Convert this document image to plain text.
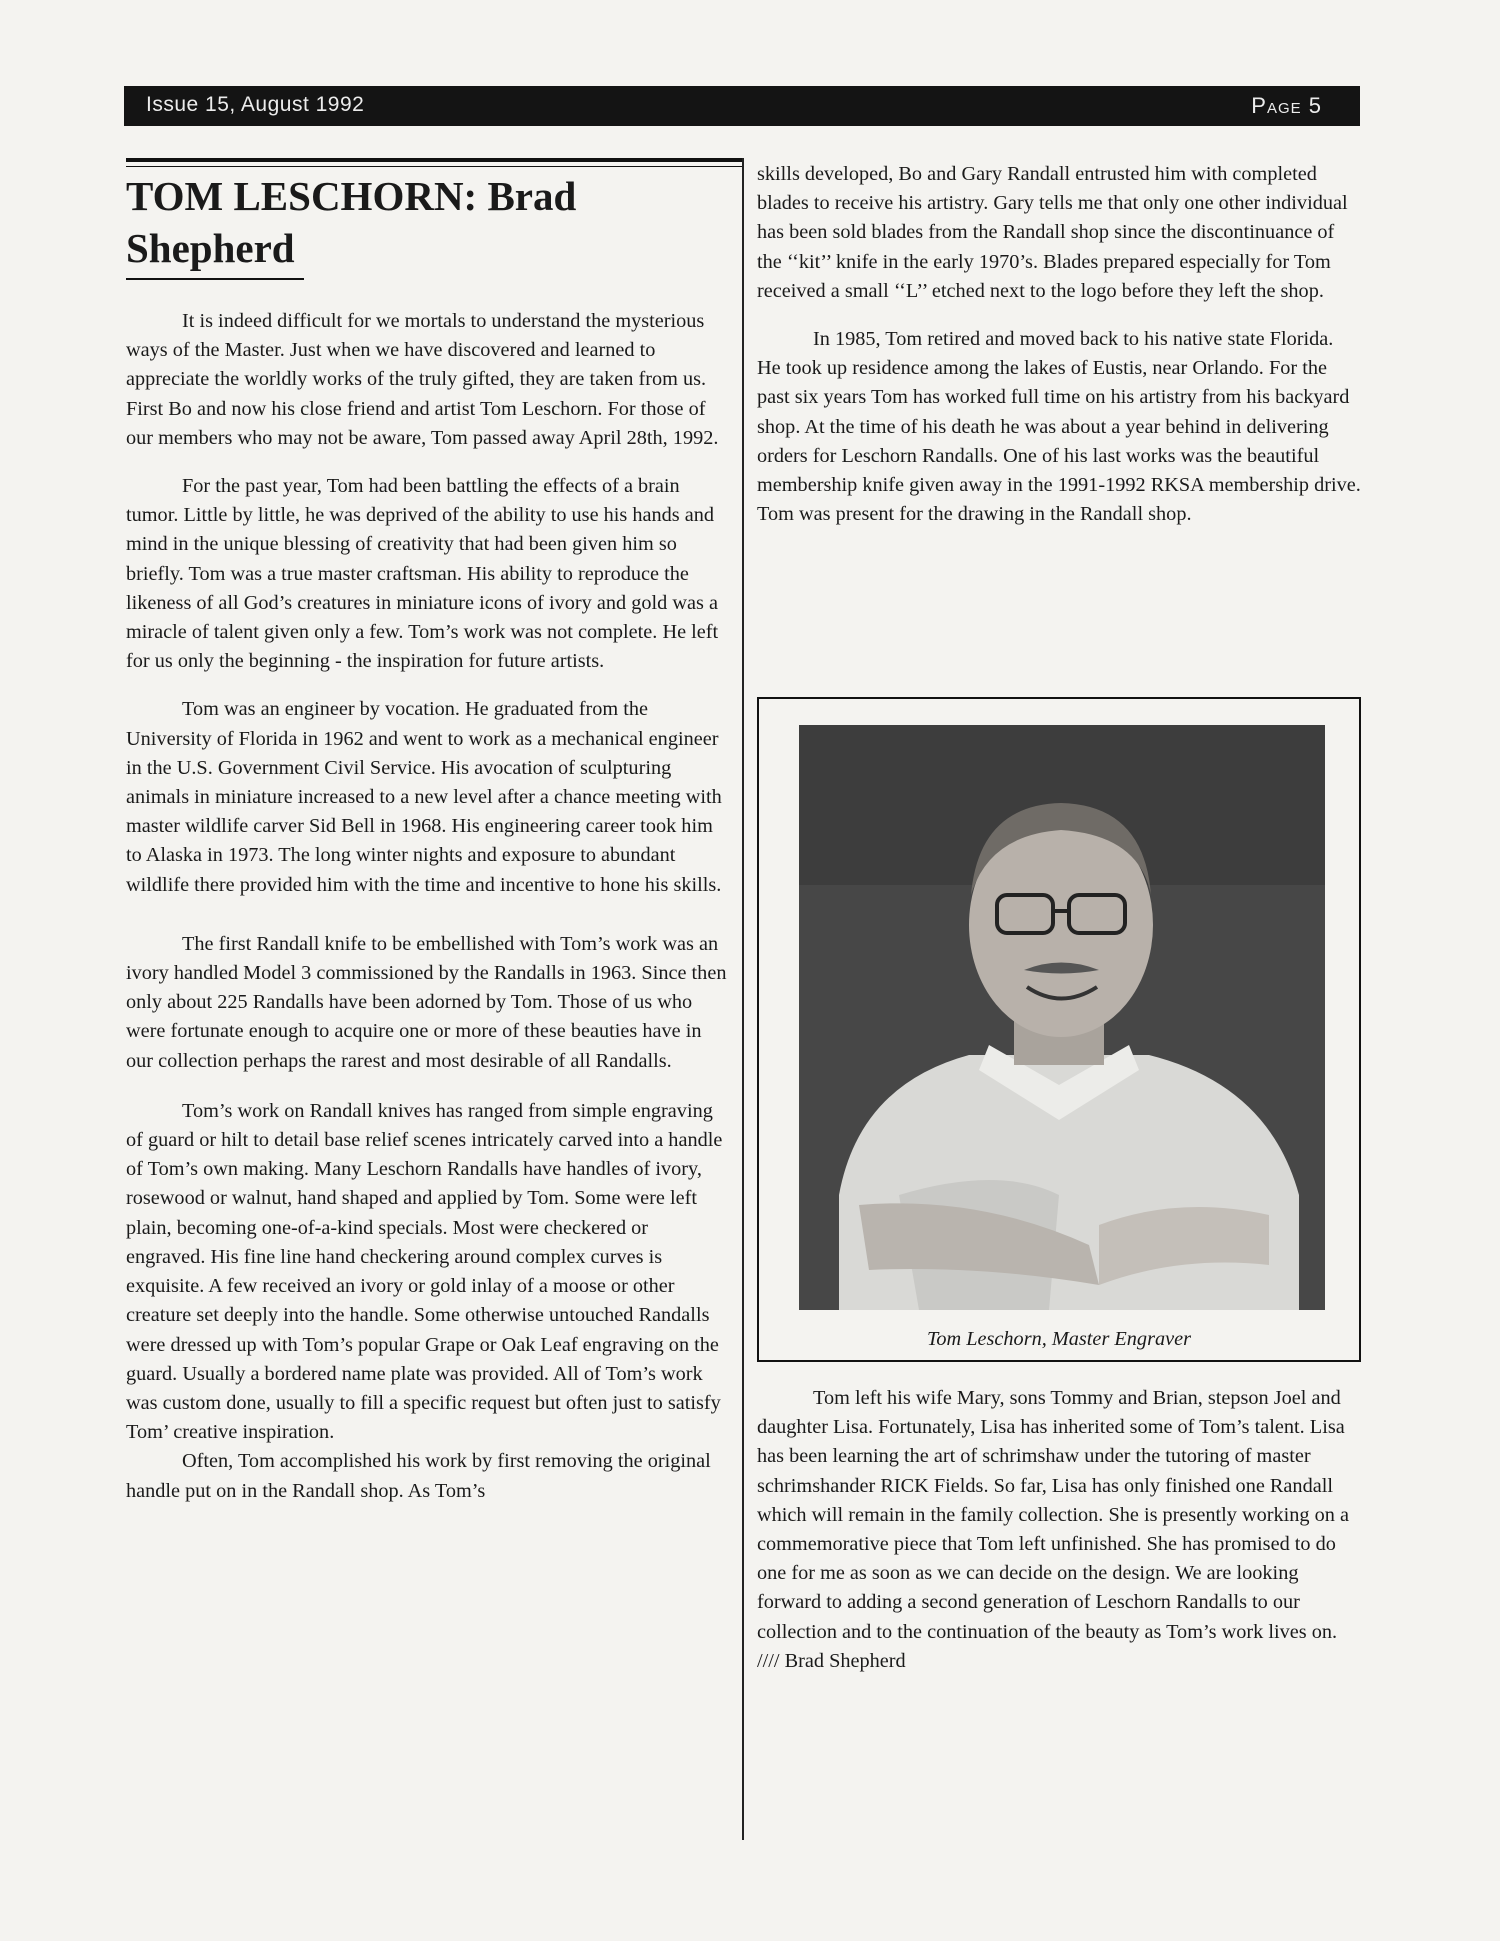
Issue 15, August 1992	Page 5
TOM LESCHORN: Brad
Shepherd

It is indeed difficult for we mortals to understand the mysterious ways of the Master. Just when we have discovered and learned to appreciate the worldly works of the truly gifted, they are taken from us. First Bo and now his close friend and artist Tom Leschorn. For those of our members who may not be aware, Tom passed away April 28th, 1992.

For the past year, Tom had been battling the effects of a brain tumor. Little by little, he was deprived of the ability to use his hands and mind in the unique blessing of creativity that had been given him so briefly. Tom was a true master craftsman. His ability to reproduce the likeness of all God’s creatures in miniature icons of ivory and gold was a miracle of talent given only a few. Tom’s work was not complete. He left for us only the beginning - the inspiration for future artists.

Tom was an engineer by vocation. He graduated from the University of Florida in 1962 and went to work as a mechanical engineer in the U.S. Government Civil Service. His avocation of sculpturing animals in miniature increased to a new level after a chance meeting with master wildlife carver Sid Bell in 1968. His engineering career took him to Alaska in 1973. The long winter nights and exposure to abundant wildlife there provided him with the time and incentive to hone his skills.

The first Randall knife to be embellished with Tom’s work was an ivory handled Model 3 commissioned by the Randalls in 1963. Since then only about 225 Randalls have been adorned by Tom. Those of us who were fortunate enough to acquire one or more of these beauties have in our collection perhaps the rarest and most desirable of all Randalls.

Tom’s work on Randall knives has ranged from simple engraving of guard or hilt to detail base relief scenes intricately carved into a handle of Tom’s own making. Many Leschorn Randalls have handles of ivory, rosewood or walnut, hand shaped and applied by Tom. Some were left plain, becoming one-of-a-kind specials. Most were checkered or engraved. His fine line hand checkering around complex curves is exquisite. A few received an ivory or gold inlay of a moose or other creature set deeply into the handle. Some otherwise untouched Randalls were dressed up with Tom’s popular Grape or Oak Leaf engraving on the guard. Usually a bordered name plate was provided. All of Tom’s work was custom done, usually to fill a specific request but often just to satisfy Tom’ creative inspiration.

Often, Tom accomplished his work by first removing the original handle put on in the Randall shop. As Tom’s

skills developed, Bo and Gary Randall entrusted him with completed blades to receive his artistry. Gary tells me that only one other individual has been sold blades from the Randall shop since the discontinuance of the ‘‘kit’’ knife in the early 1970’s. Blades prepared especially for Tom received a small ‘‘L’’ etched next to the logo before they left the shop.

In 1985, Tom retired and moved back to his native state Florida. He took up residence among the lakes of Eustis, near Orlando. For the past six years Tom has worked full time on his artistry from his backyard shop. At the time of his death he was about a year behind in delivering orders for Leschorn Randalls. One of his last works was the beautiful membership knife given away in the 1991-1992 RKSA membership drive. Tom was present for the drawing in the Randall shop.

Tom Leschorn, Master Engraver

Tom left his wife Mary, sons Tommy and Brian, stepson Joel and daughter Lisa. Fortunately, Lisa has inherited some of Tom’s talent. Lisa has been learning the art of schrimshaw under the tutoring of master schrimshander RICK Fields. So far, Lisa has only finished one Randall which will remain in the family collection. She is presently working on a commemorative piece that Tom left unfinished. She has promised to do one for me as soon as we can decide on the design. We are looking forward to adding a second generation of Leschorn Randalls to our collection and to the continuation of the beauty as Tom’s work lives on. //// Brad Shepherd
